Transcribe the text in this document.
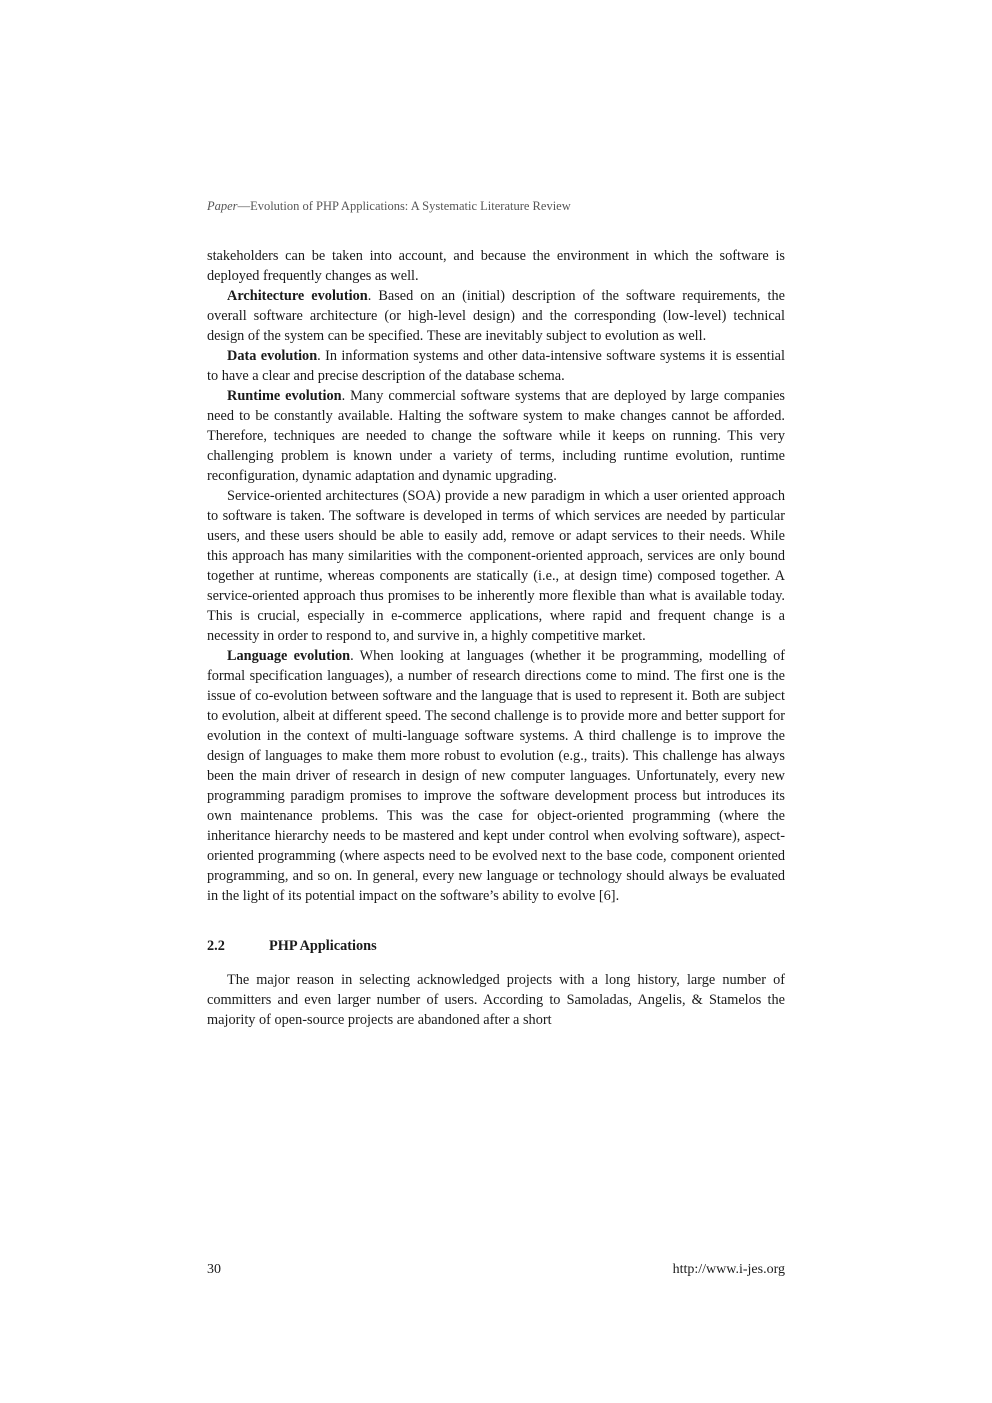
Paper—Evolution of PHP Applications: A Systematic Literature Review

stakeholders can be taken into account, and because the environment in which the software is deployed frequently changes as well.

Architecture evolution. Based on an (initial) description of the software requirements, the overall software architecture (or high-level design) and the corresponding (low-level) technical design of the system can be specified. These are inevitably subject to evolution as well.

Data evolution. In information systems and other data-intensive software systems it is essential to have a clear and precise description of the database schema.

Runtime evolution. Many commercial software systems that are deployed by large companies need to be constantly available. Halting the software system to make changes cannot be afforded. Therefore, techniques are needed to change the software while it keeps on running. This very challenging problem is known under a variety of terms, including runtime evolution, runtime reconfiguration, dynamic adaptation and dynamic upgrading.

Service-oriented architectures (SOA) provide a new paradigm in which a user oriented approach to software is taken. The software is developed in terms of which services are needed by particular users, and these users should be able to easily add, remove or adapt services to their needs. While this approach has many similarities with the component-oriented approach, services are only bound together at runtime, whereas components are statically (i.e., at design time) composed together. A service-oriented approach thus promises to be inherently more flexible than what is available today. This is crucial, especially in e-commerce applications, where rapid and frequent change is a necessity in order to respond to, and survive in, a highly competitive market.

Language evolution. When looking at languages (whether it be programming, modelling of formal specification languages), a number of research directions come to mind. The first one is the issue of co-evolution between software and the language that is used to represent it. Both are subject to evolution, albeit at different speed. The second challenge is to provide more and better support for evolution in the context of multi-language software systems. A third challenge is to improve the design of languages to make them more robust to evolution (e.g., traits). This challenge has always been the main driver of research in design of new computer languages. Unfortunately, every new programming paradigm promises to improve the software development process but introduces its own maintenance problems. This was the case for object-oriented programming (where the inheritance hierarchy needs to be mastered and kept under control when evolving software), aspect-oriented programming (where aspects need to be evolved next to the base code, component oriented programming, and so on. In general, every new language or technology should always be evaluated in the light of its potential impact on the software’s ability to evolve [6].

2.2	PHP Applications

The major reason in selecting acknowledged projects with a long history, large number of committers and even larger number of users. According to Samoladas, Angelis, & Stamelos the majority of open-source projects are abandoned after a short

30	http://www.i-jes.org
